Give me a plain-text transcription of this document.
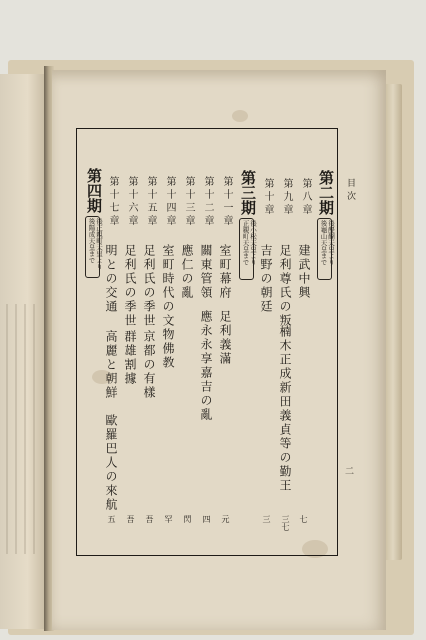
目次
二
第二期
後醍醐天皇より
後龜山天皇まで
第八章
建武中興
七
第九章
足利尊氏の叛
楠木正成新田義貞等の勤王
三七
第十章
吉野の朝廷
三
第三期
後小松天皇より
正親町天皇まで
第十一章
室町幕府
足利義滿
元
第十二章
關東管領
應永永享嘉吉の亂
四
第十三章
應仁の亂
閃
第十四章
室町時代の文物佛教
罕
第十五章
足利氏の季世
京都の有樣
吾
第十六章
足利氏の季世
群雄割據
吾
第十七章
明との交通
高麗と朝鮮　歐羅巴人の來航
五
第四期
後正親町天皇より
後陽成天皇まで
